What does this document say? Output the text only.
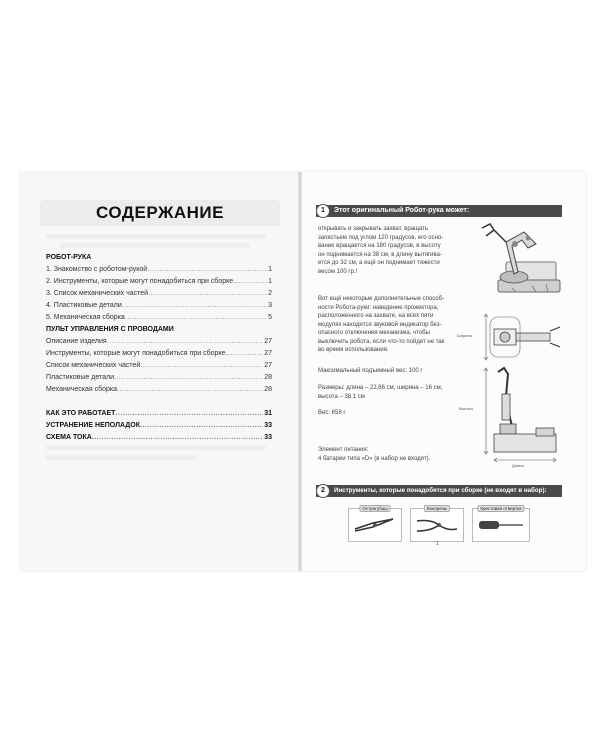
СОДЕРЖАНИЕ
РОБОТ-РУКА
1. Знакомство с роботом-рукой .....	1
2. Инструменты, которые могут понадобиться при сборке .....	1
3. Список механических частей .....	2
4. Пластиковые детали .....	3
5. Механическая сборка .....	5
ПУЛЬТ УПРАВЛЕНИЯ С ПРОВОДАМИ
Описание изделия .....	27
Инструменты, которые могут понадобиться при сборке .....	27
Список механических частей .....	27
Пластиковые детали .....	28
Механическая сборка .....	28
КАК ЭТО РАБОТАЕТ .....	31
УСТРАНЕНИЕ НЕПОЛАДОК .....	33
СХЕМА ТОКА .....	33
1	Этот оригинальный Робот-рука может:
открывать и закрывать захват, вращать
запястьем под углом 120 градусов, его осно-
вание вращается на 180 градусов, в высоту
он поднимается на 38 см, в длину вытягива-
ется до 32 см, а ещё он поднимает тяжести
весом 100 гр.!
Вот ещё некоторые дополнительные способ-
ности Робота-руки: наведение прожектора,
расположенного на захвате, на всех пяти
модулях находится звуковой индикатор без-
опасного отключения механизма, чтобы
выключить робота, если что-то пойдет не так
во время использования.
Максимальный подъемный вес: 100 г
Размеры: длина – 22,86 см, ширина – 16 см,
высота – 38,1 см
Вес: 658 г
Элемент питания:
4 батареи типа «D» (в набор не входят).
Ширина
Высота
Длина
2	Инструменты, которые понадобятся при сборке (не входят в набор):
Острогубцы	Бокорезы	Крестовая отвертка
1
